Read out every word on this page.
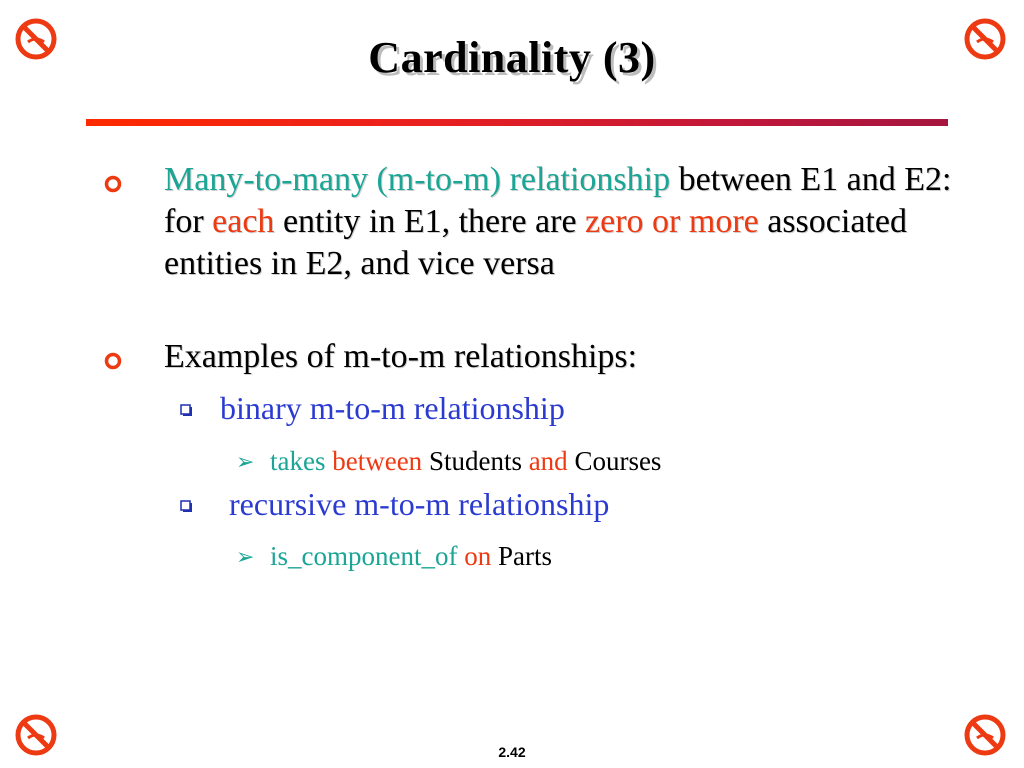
Cardinality (3)
Many-to-many (m-to-m) relationship between E1 and E2: for each entity in E1, there are zero or more associated entities in E2, and vice versa
Examples of m-to-m relationships:
binary m-to-m relationship
➢ takes between Students and Courses
recursive m-to-m relationship
➢ is_component_of on Parts
2.42
